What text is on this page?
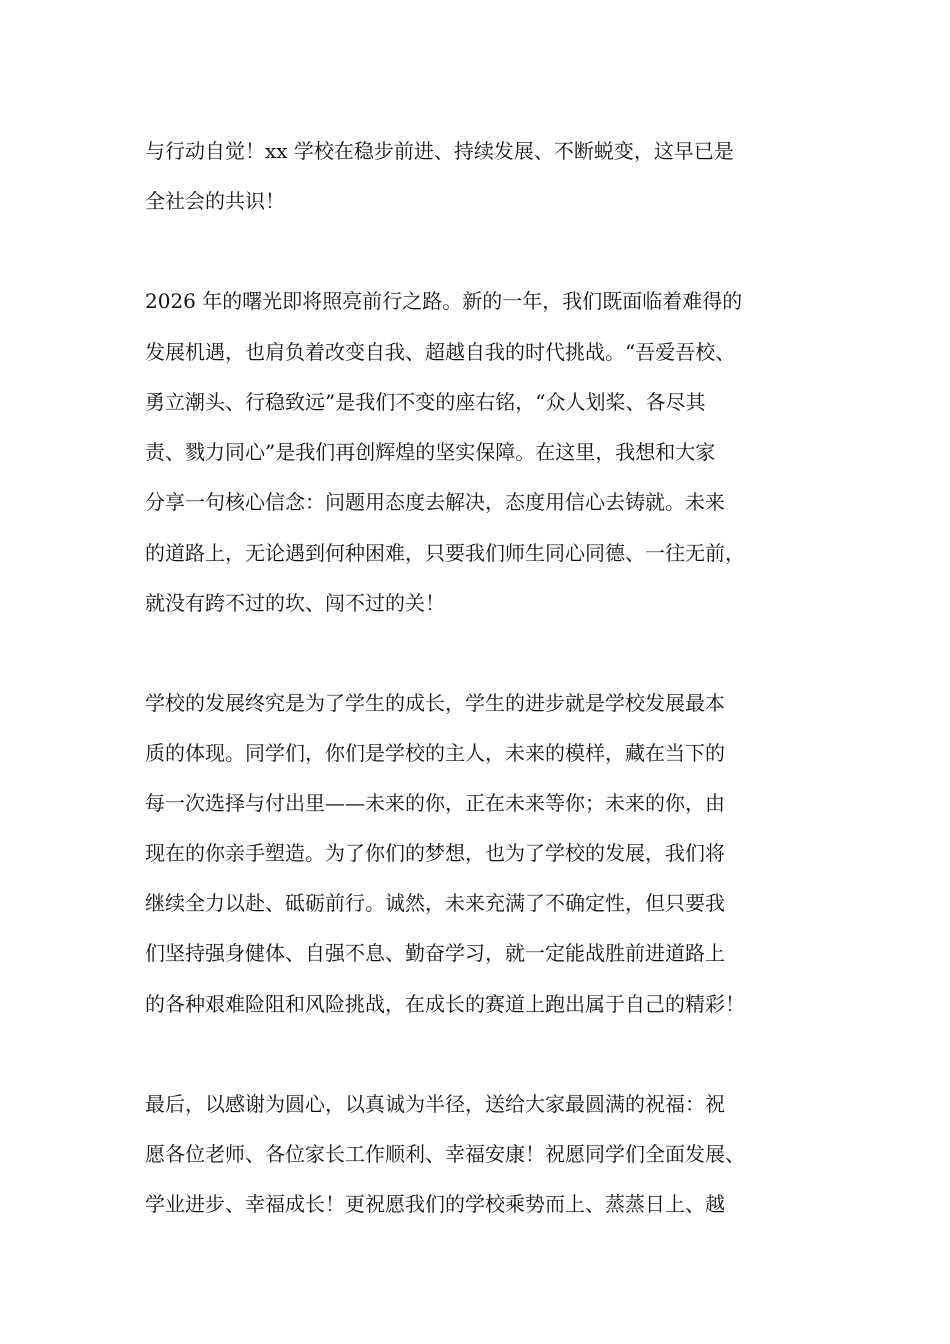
与行动自觉！xx 学校在稳步前进、持续发展、不断蜕变，这早已是

全社会的共识！

2026 年的曙光即将照亮前行之路。新的一年，我们既面临着难得的

发展机遇，也肩负着改变自我、超越自我的时代挑战。“吾爱吾校、

勇立潮头、行稳致远”是我们不变的座右铭，“众人划桨、各尽其

责、戮力同心”是我们再创辉煌的坚实保障。在这里，我想和大家

分享一句核心信念：问题用态度去解决，态度用信心去铸就。未来

的道路上，无论遇到何种困难，只要我们师生同心同德、一往无前，

就没有跨不过的坎、闯不过的关！

学校的发展终究是为了学生的成长，学生的进步就是学校发展最本

质的体现。同学们，你们是学校的主人，未来的模样，藏在当下的

每一次选择与付出里——未来的你，正在未来等你；未来的你，由

现在的你亲手塑造。为了你们的梦想，也为了学校的发展，我们将

继续全力以赴、砥砺前行。诚然，未来充满了不确定性，但只要我

们坚持强身健体、自强不息、勤奋学习，就一定能战胜前进道路上

的各种艰难险阻和风险挑战，在成长的赛道上跑出属于自己的精彩！

最后，以感谢为圆心，以真诚为半径，送给大家最圆满的祝福：祝

愿各位老师、各位家长工作顺利、幸福安康！祝愿同学们全面发展、

学业进步、幸福成长！更祝愿我们的学校乘势而上、蒸蒸日上、越
